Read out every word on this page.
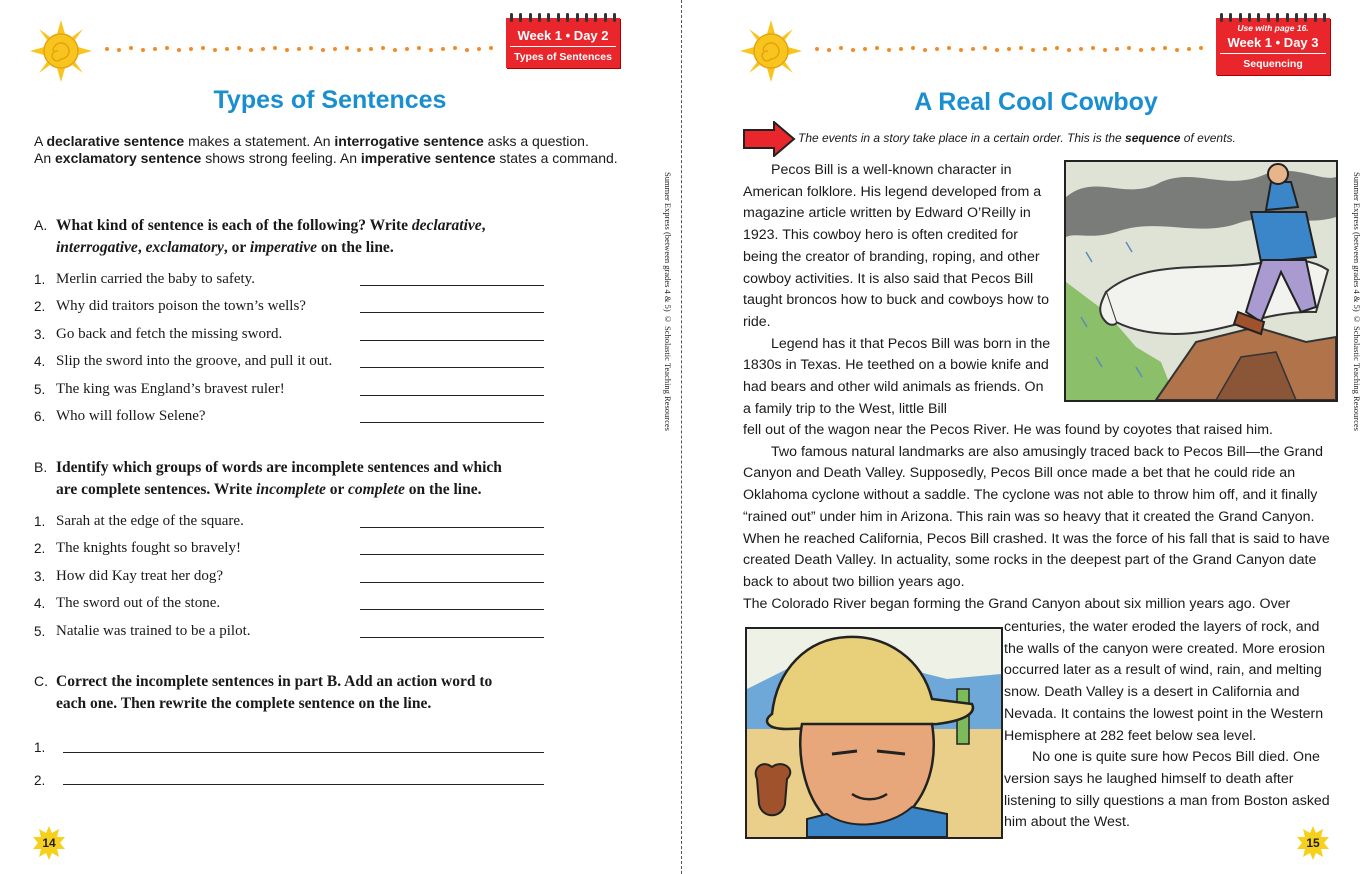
Week 1 • Day 2
Types of Sentences
Types of Sentences
A declarative sentence makes a statement. An interrogative sentence asks a question.
An exclamatory sentence shows strong feeling. An imperative sentence states a command.
A. What kind of sentence is each of the following? Write declarative,
interrogative, exclamatory, or imperative on the line.
1. Merlin carried the baby to safety.
2. Why did traitors poison the town’s wells?
3. Go back and fetch the missing sword.
4. Slip the sword into the groove, and pull it out.
5. The king was England’s bravest ruler!
6. Who will follow Selene?
B. Identify which groups of words are incomplete sentences and which
are complete sentences. Write incomplete or complete on the line.
1. Sarah at the edge of the square.
2. The knights fought so bravely!
3. How did Kay treat her dog?
4. The sword out of the stone.
5. Natalie was trained to be a pilot.
C. Correct the incomplete sentences in part B. Add an action word to
each one. Then rewrite the complete sentence on the line.
1.
2.
14
Summer Express (between grades 4 & 5) © Scholastic Teaching Resources
Use with page 16.
Week 1 • Day 3
Sequencing
A Real Cool Cowboy
The events in a story take place in a certain order. This is the sequence of events.

Pecos Bill is a well-known character in American folklore. His legend developed from a magazine article written by Edward O’Reilly in 1923. This cowboy hero is often credited for being the creator of branding, roping, and other cowboy activities. It is also said that Pecos Bill taught broncos how to buck and cowboys how to ride.

Legend has it that Pecos Bill was born in the 1830s in Texas. He teethed on a bowie knife and had bears and other wild animals as friends. On a family trip to the West, little Bill

fell out of the wagon near the Pecos River. He was found by coyotes that raised him.

Two famous natural landmarks are also amusingly traced back to Pecos Bill—the Grand Canyon and Death Valley. Supposedly, Pecos Bill once made a bet that he could ride an Oklahoma cyclone without a saddle. The cyclone was not able to throw him off, and it finally “rained out” under him in Arizona. This rain was so heavy that it created the Grand Canyon. When he reached California, Pecos Bill crashed. It was the force of his fall that is said to have created Death Valley. In actuality, some rocks in the deepest part of the Grand Canyon date back to about two billion years ago.

The Colorado River began forming the Grand Canyon about six million years ago. Over

centuries, the water eroded the layers of rock, and the walls of the canyon were created. More erosion occurred later as a result of wind, rain, and melting snow. Death Valley is a desert in California and Nevada. It contains the lowest point in the Western Hemisphere at 282 feet below sea level.

No one is quite sure how Pecos Bill died. One version says he laughed himself to death after listening to silly questions a man from Boston asked him about the West.

15
Summer Express (between grades 4 & 5) © Scholastic Teaching Resources
